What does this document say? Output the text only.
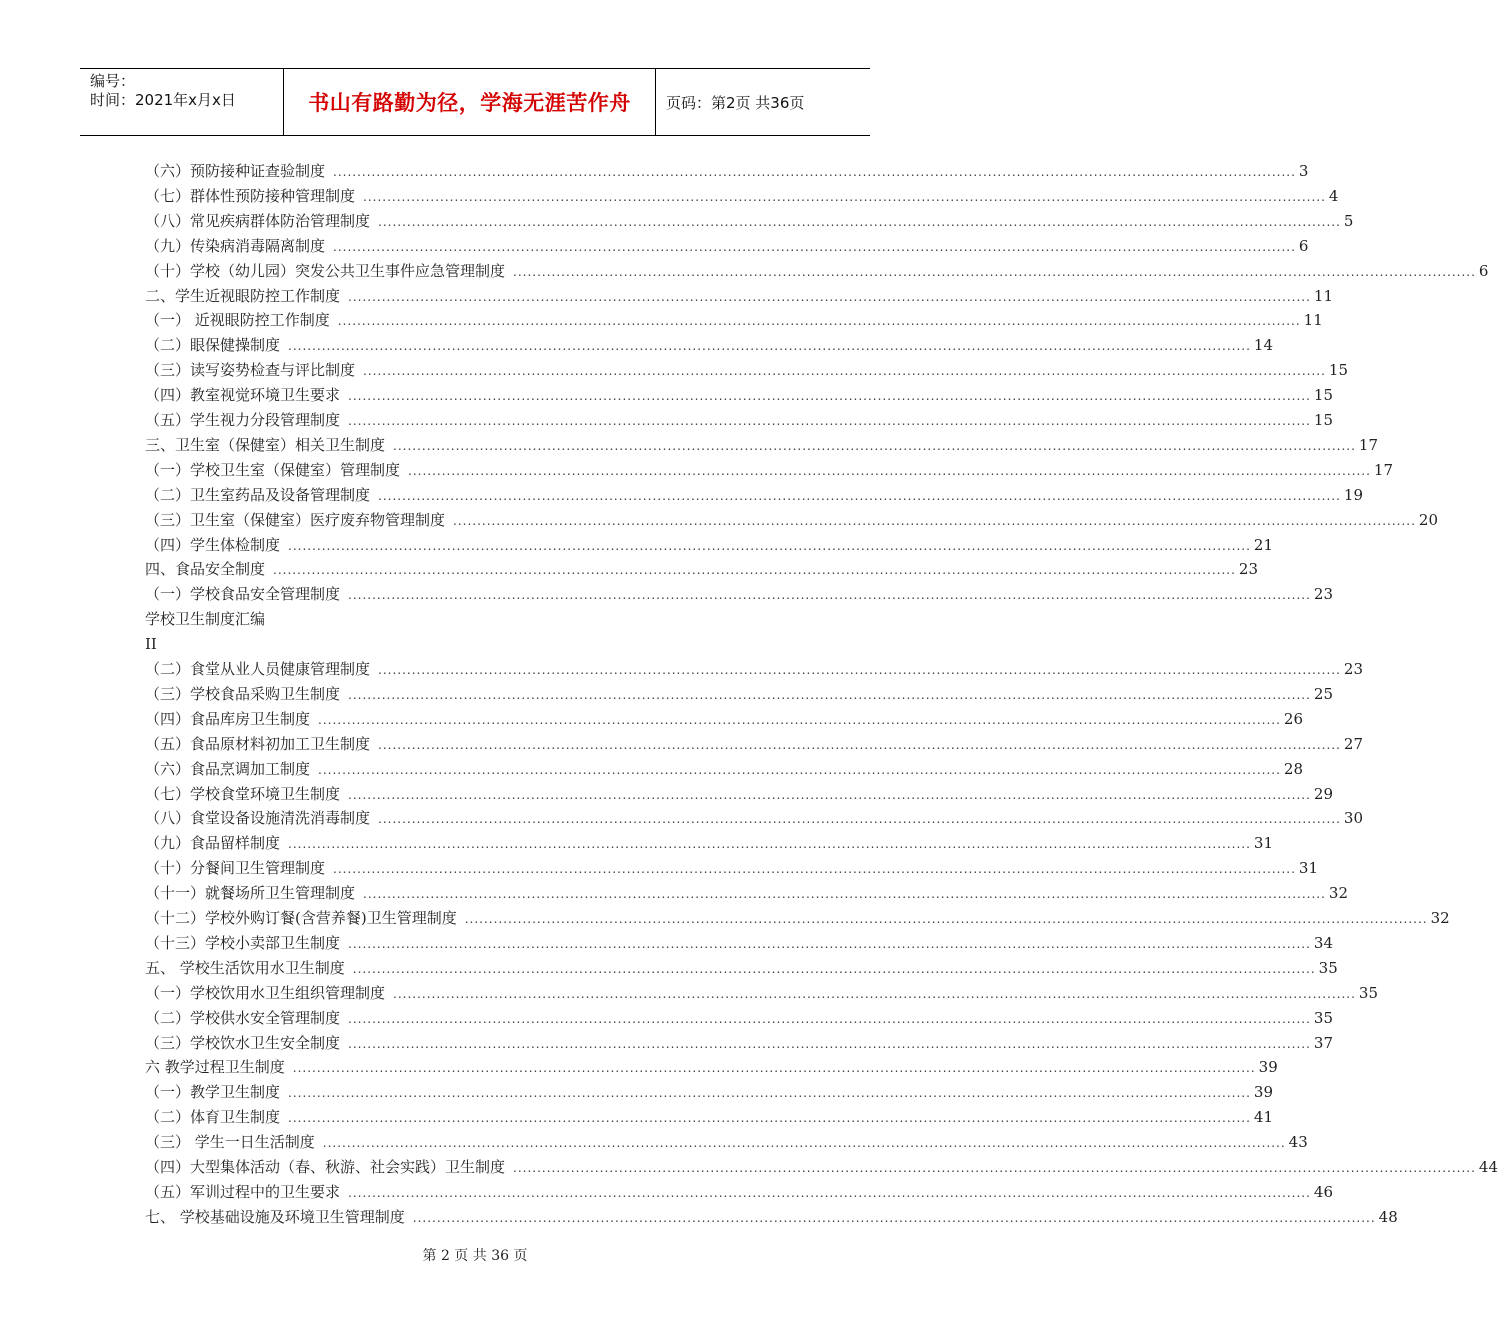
编号：
时间：2021年x月x日	书山有路勤为径，学海无涯苦作舟 页码：第2页 共36页
（六）预防接种证查验制度 ........................................................................................................................................................................................................ 3
（七）群体性预防接种管理制度 ........................................................................................................................................................................................................ 4
（八）常见疾病群体防治管理制度 ........................................................................................................................................................................................................ 5
（九）传染病消毒隔离制度 ........................................................................................................................................................................................................ 6
（十）学校（幼儿园）突发公共卫生事件应急管理制度 ........................................................................................................................................................................................................ 6
二、学生近视眼防控工作制度 ........................................................................................................................................................................................................ 11
（一） 近视眼防控工作制度 ........................................................................................................................................................................................................ 11
（二）眼保健操制度 ........................................................................................................................................................................................................ 14
（三）读写姿势检查与评比制度 ........................................................................................................................................................................................................ 15
（四）教室视觉环境卫生要求 ........................................................................................................................................................................................................ 15
（五）学生视力分段管理制度 ........................................................................................................................................................................................................ 15
三、卫生室（保健室）相关卫生制度 ........................................................................................................................................................................................................ 17
（一）学校卫生室（保健室）管理制度 ........................................................................................................................................................................................................ 17
（二）卫生室药品及设备管理制度 ........................................................................................................................................................................................................ 19
（三）卫生室（保健室）医疗废弃物管理制度 ........................................................................................................................................................................................................ 20
（四）学生体检制度 ........................................................................................................................................................................................................ 21
四、食品安全制度 ........................................................................................................................................................................................................ 23
（一）学校食品安全管理制度 ........................................................................................................................................................................................................ 23
学校卫生制度汇编
II
（二）食堂从业人员健康管理制度 ........................................................................................................................................................................................................ 23
（三）学校食品采购卫生制度 ........................................................................................................................................................................................................ 25
（四）食品库房卫生制度 ........................................................................................................................................................................................................ 26
（五）食品原材料初加工卫生制度 ........................................................................................................................................................................................................ 27
（六）食品烹调加工制度 ........................................................................................................................................................................................................ 28
（七）学校食堂环境卫生制度 ........................................................................................................................................................................................................ 29
（八）食堂设备设施清洗消毒制度 ........................................................................................................................................................................................................ 30
（九）食品留样制度 ........................................................................................................................................................................................................ 31
（十）分餐间卫生管理制度 ........................................................................................................................................................................................................ 31
（十一）就餐场所卫生管理制度 ........................................................................................................................................................................................................ 32
（十二）学校外购订餐(含营养餐)卫生管理制度 ........................................................................................................................................................................................................ 32
（十三）学校小卖部卫生制度 ........................................................................................................................................................................................................ 34
五、 学校生活饮用水卫生制度 ........................................................................................................................................................................................................ 35
（一）学校饮用水卫生组织管理制度 ........................................................................................................................................................................................................ 35
（二）学校供水安全管理制度 ........................................................................................................................................................................................................ 35
（三）学校饮水卫生安全制度 ........................................................................................................................................................................................................ 37
六 教学过程卫生制度 ........................................................................................................................................................................................................ 39
（一）教学卫生制度 ........................................................................................................................................................................................................ 39
（二）体育卫生制度 ........................................................................................................................................................................................................ 41
（三） 学生一日生活制度 ........................................................................................................................................................................................................ 43
（四）大型集体活动（春、秋游、社会实践）卫生制度 ........................................................................................................................................................................................................ 44
（五）军训过程中的卫生要求 ........................................................................................................................................................................................................ 46
七、 学校基础设施及环境卫生管理制度 ........................................................................................................................................................................................................ 48
第 2 页 共 36 页
